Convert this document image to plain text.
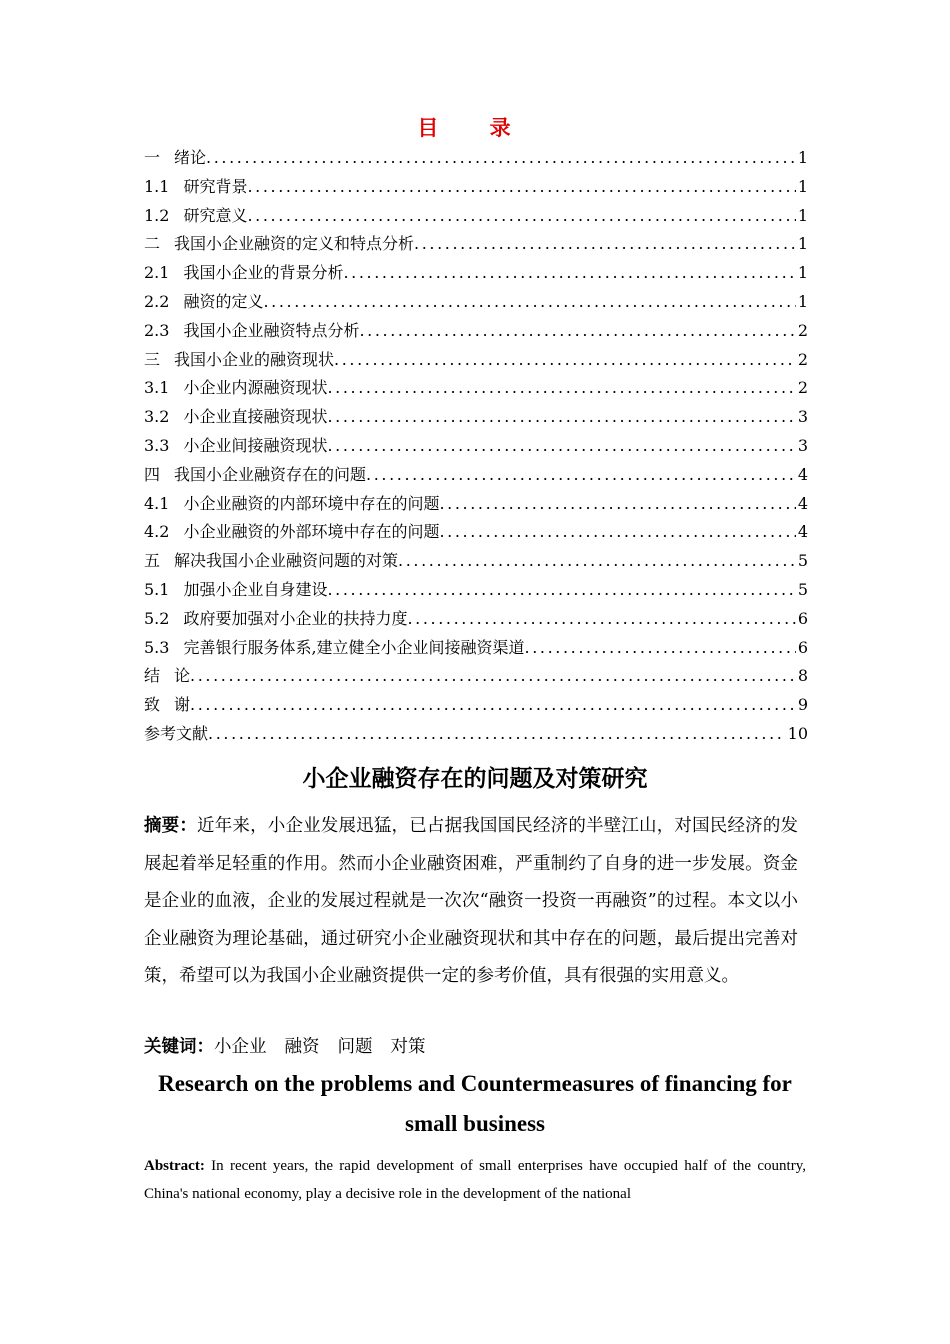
目 录
一 绪论 .....	1
1.1 研究背景 .....	1
1.2 研究意义 .....	1
二 我国小企业融资的定义和特点分析 .....	1
2.1 我国小企业的背景分析 .....	1
2.2 融资的定义 .....	1
2.3 我国小企业融资特点分析 .....	2
三 我国小企业的融资现状 .....	2
3.1 小企业内源融资现状 .....	2
3.2 小企业直接融资现状 .....	3
3.3 小企业间接融资现状 .....	3
四 我国小企业融资存在的问题 .....	4
4.1 小企业融资的内部环境中存在的问题 .....	4
4.2 小企业融资的外部环境中存在的问题 .....	4
五 解决我国小企业融资问题的对策 .....	5
5.1 加强小企业自身建设 .....	5
5.2 政府要加强对小企业的扶持力度 .....	6
5.3 完善银行服务体系,建立健全小企业间接融资渠道 .....	6
结 论 .....	8
致 谢 .....	9
参考文献 .....	10
小企业融资存在的问题及对策研究
摘要：近年来，小企业发展迅猛，已占据我国国民经济的半壁江山，对国民经济的发展起着举足轻重的作用。然而小企业融资困难，严重制约了自身的进一步发展。资金是企业的血液，企业的发展过程就是一次次“融资一投资一再融资”的过程。本文以小企业融资为理论基础，通过研究小企业融资现状和其中存在的问题，最后提出完善对策，希望可以为我国小企业融资提供一定的参考价值，具有很强的实用意义。
关键词：小企业 融资 问题 对策
Research on the problems and Countermeasures of financing for small business
Abstract: In recent years, the rapid development of small enterprises have occupied half of the country, China's national economy, play a decisive role in the development of the national
